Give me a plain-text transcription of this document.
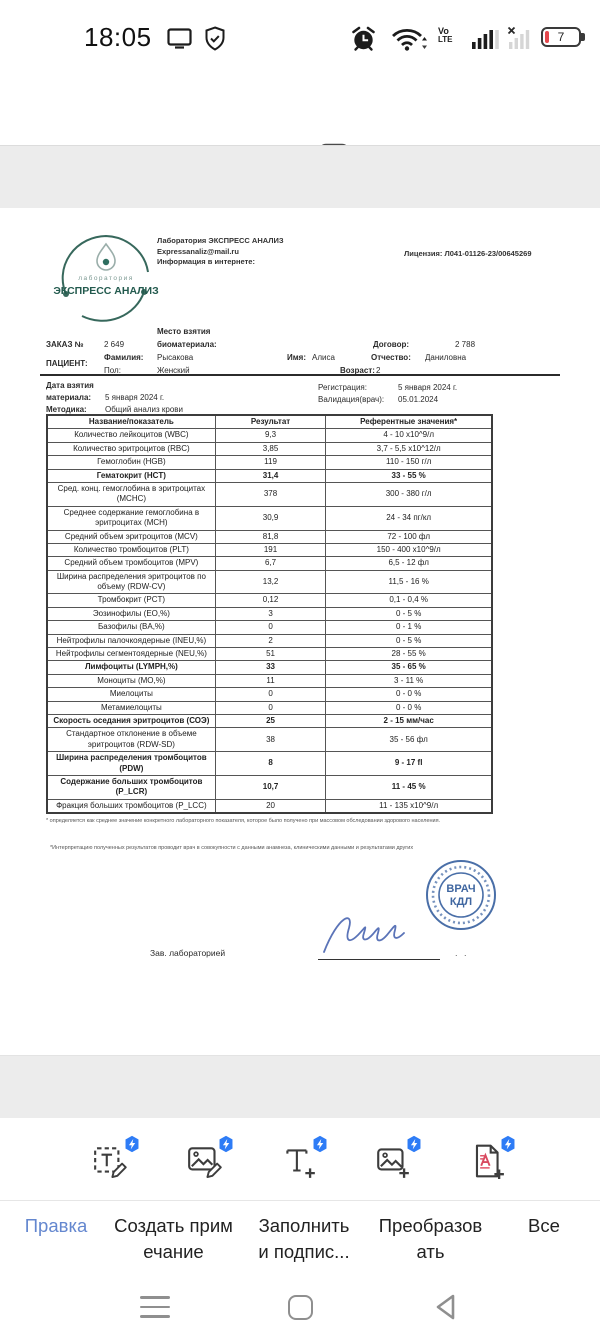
18:05	Vo
LTE	7
лаборатория
ЭКСПРЕСС АНАЛИЗ
Лаборатория ЭКСПРЕСС АНАЛИЗ
Expressanaliz@mail.ru
Информация в интернете:
Лицензия: Л041-01126-23/00645269
Место взятия
ЗАКАЗ №	2 649	биоматериала:	Договор:	2 788
ПАЦИЕНТ:
Фамилия: Рысакова	Имя: Алиса	Отчество: Даниловна
Пол:	Женский	Возраст: 2
Дата взятия	Регистрация:	5 января 2024 г.
материала: 5 января 2024 г.	Валидация(врач): 05.01.2024
Методика: Общий анализ крови
Название/показатель	Результат	Референтные значения*
Количество лейкоцитов (WBC)	9,3	4 - 10 x10^9/л
Количество эритроцитов (RBC)	3,85	3,7 - 5,5 x10^12/л
Гемоглобин (HGB)	119	110 - 150 г/л
Гематокрит (HCT)	31,4	33 - 55 %
Сред. конц. гемоглобина в эритроцитах (MCHC)	378	300 - 380 г/л
Среднее содержание гемоглобина в эритроцитах (MCH)	30,9	24 - 34 пг/кл
Средний объем эритроцитов (MCV)	81,8	72 - 100 фл
Количество тромбоцитов (PLT)	191	150 - 400 x10^9/л
Средний объем тромбоцитов (MPV)	6,7	6,5 - 12 фл
Ширина распределения эритроцитов по объему (RDW-CV)	13,2	11,5 - 16 %
Тромбокрит (PCT)	0,12	0,1 - 0,4 %
Эозинофилы (EO,%)	3	0 - 5 %
Базофилы (BA,%)	0	0 - 1 %
Нейтрофилы палочкоядерные (INEU,%)	2	0 - 5 %
Нейтрофилы сегментоядерные (NEU,%)	51	28 - 55 %
Лимфоциты (LYMPH,%)	33	35 - 65 %
Моноциты (MO,%)	11	3 - 11 %
Миелоциты	0	0 - 0 %
Метамиелоциты	0	0 - 0 %
Скорость оседания эритроцитов (СОЭ)	25	2 - 15 мм/час
Стандартное отклонение в объеме эритроцитов (RDW-SD)	38	35 - 56 фл
Ширина распределения тромбоцитов (PDW)	8	9 - 17 fl
Содержание больших тромбоцитов (P_LCR)	10,7	11 - 45 %
Фракция больших тромбоцитов (P_LCC)	20	11 - 135 x10^9/л
* определяется как среднее значение конкретного лабораторного показателя, которое было получено при массовом обследовании здорового населения.
*Интерпретацию полученных результатов проводит врач в совокупности с данными анамнеза, клиническими данными и результатами других
ВРАЧ
КДЛ
Зав. лабораторией	. .
Правка	Создать примечание
Заполнить и подпис...
Преобразовать
Все
